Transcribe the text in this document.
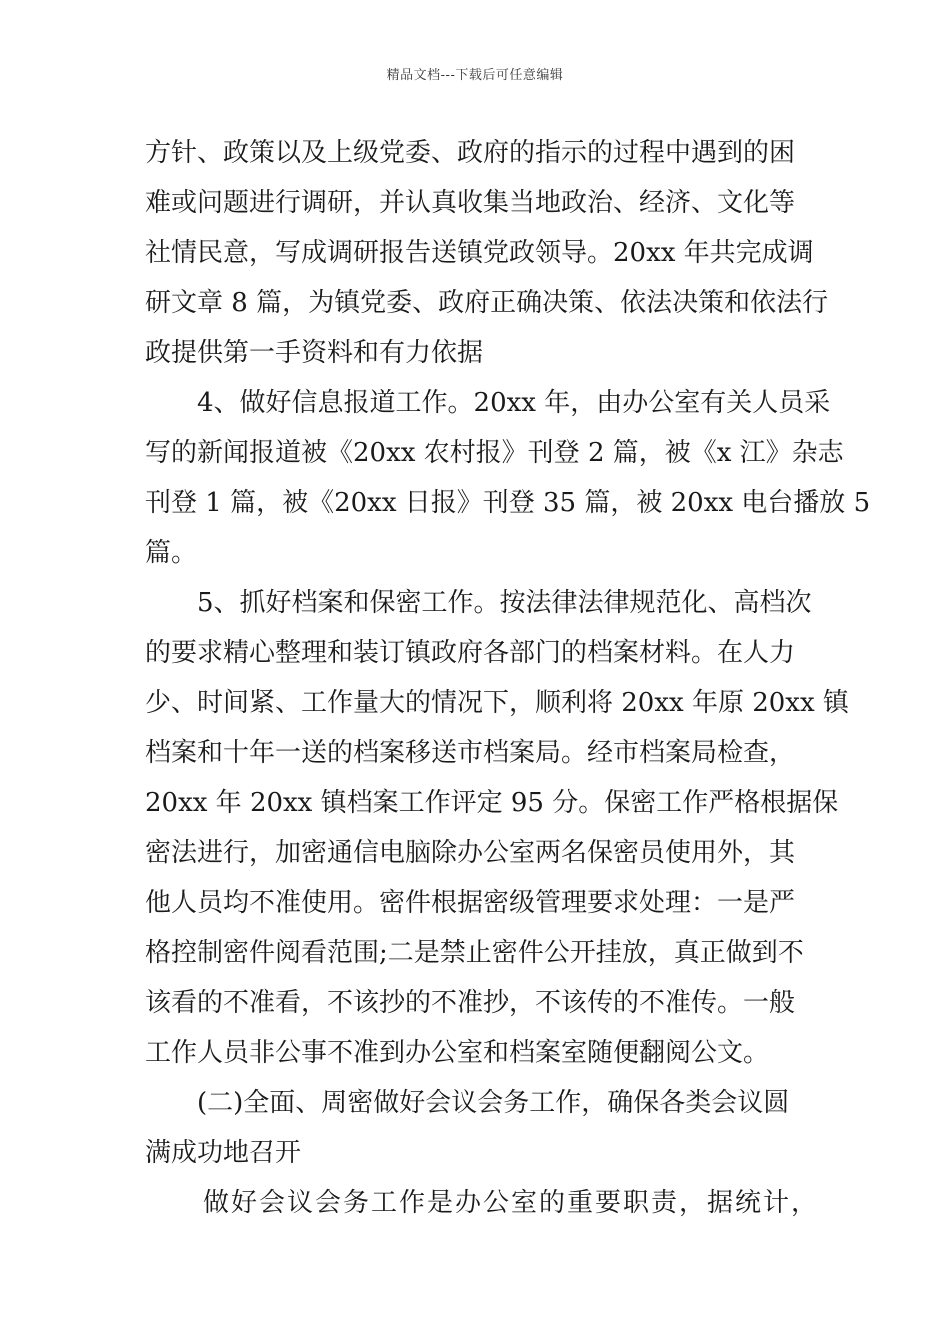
精品文档---下载后可任意编辑
方针、政策以及上级党委、政府的指示的过程中遇到的困
难或问题进行调研，并认真收集当地政治、经济、文化等
社情民意，写成调研报告送镇党政领导。20xx 年共完成调
研文章 8 篇，为镇党委、政府正确决策、依法决策和依法行
政提供第一手资料和有力依据
4、做好信息报道工作。20xx 年，由办公室有关人员采
写的新闻报道被《20xx 农村报》刊登 2 篇，被《x 江》杂志
刊登 1 篇，被《20xx 日报》刊登 35 篇，被 20xx 电台播放 5
篇。
5、抓好档案和保密工作。按法律法律规范化、高档次
的要求精心整理和装订镇政府各部门的档案材料。在人力
少、时间紧、工作量大的情况下，顺利将 20xx 年原 20xx 镇
档案和十年一送的档案移送市档案局。经市档案局检查，
20xx 年 20xx 镇档案工作评定 95 分。保密工作严格根据保
密法进行，加密通信电脑除办公室两名保密员使用外，其
他人员均不准使用。密件根据密级管理要求处理：一是严
格控制密件阅看范围;二是禁止密件公开挂放，真正做到不
该看的不准看，不该抄的不准抄，不该传的不准传。一般
工作人员非公事不准到办公室和档案室随便翻阅公文。
(二)全面、周密做好会议会务工作，确保各类会议圆
满成功地召开
做好会议会务工作是办公室的重要职责，据统计，
